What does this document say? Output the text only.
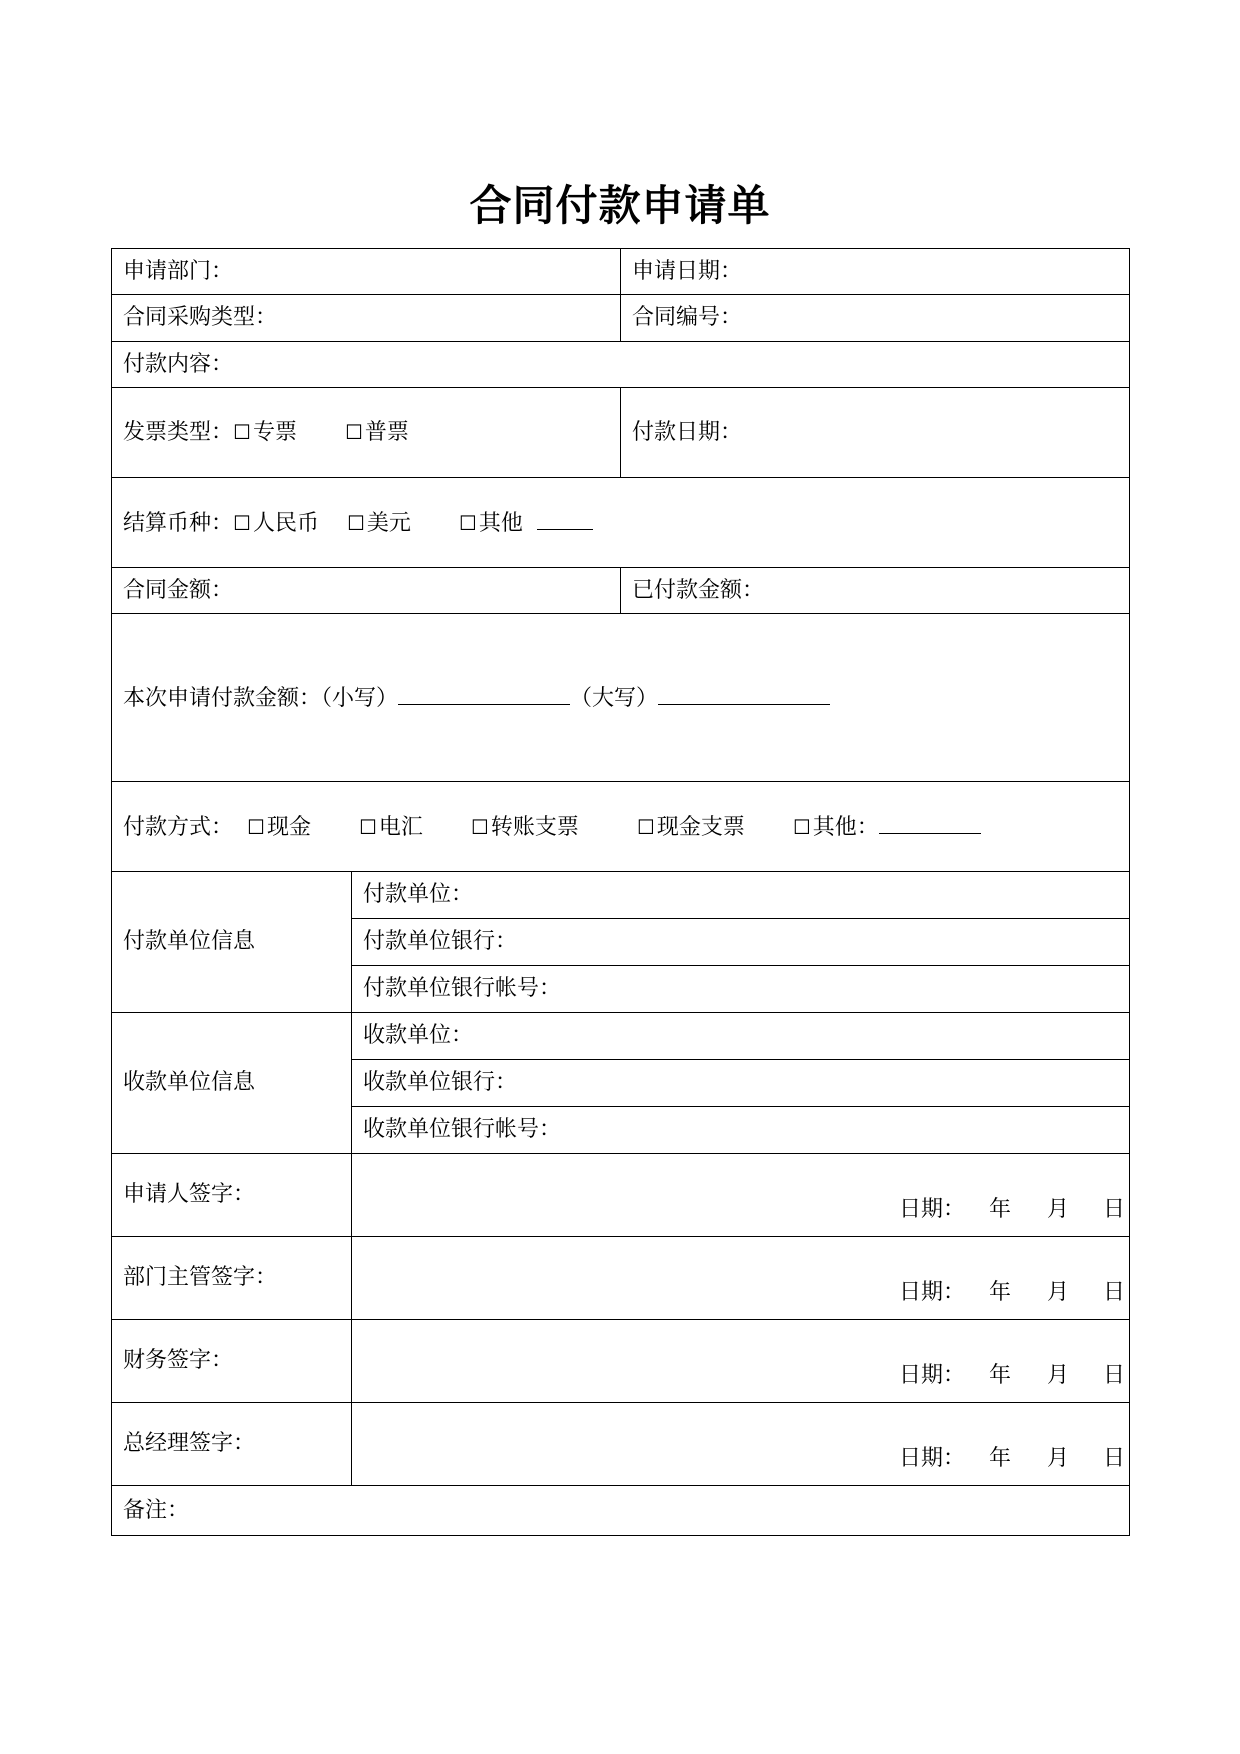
合同付款申请单
申请部门：		申请日期：
合同采购类型：		合同编号：
付款内容：		
发票类型：☐专票 ☐普票		付款日期：
结算币种：☐人民币 ☐美元 ☐其他		
合同金额：		已付款金额：
本次申请付款金额：（小写） （大写）		
付款方式： ☐现金 ☐电汇 ☐转账支票 ☐现金支票 ☐其他：		
付款单位信息	付款单位：	
	付款单位银行：	
	付款单位银行帐号：	
收款单位信息	收款单位：	
	收款单位银行：	
	收款单位银行帐号：	
申请人签字：	日期： 年 月 日	

部门主管签字：	日期： 年 月 日	

财务签字：	日期： 年 月 日	

总经理签字：	日期： 年 月 日	

备注：		
